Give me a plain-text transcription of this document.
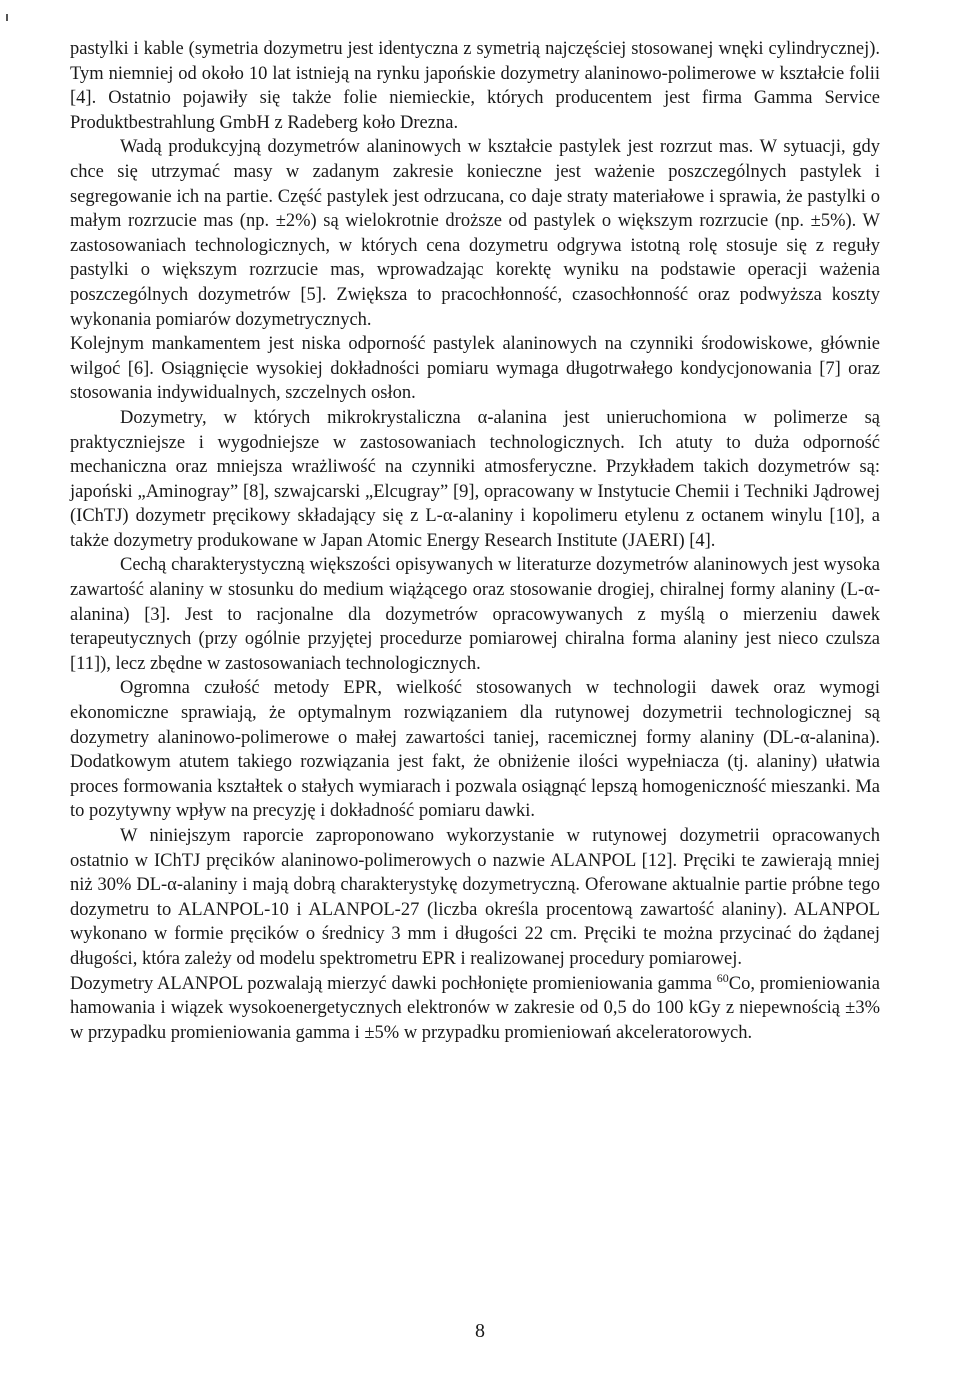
pastylki i kable (symetria dozymetru jest identyczna z symetrią najczęściej stosowanej wnęki cylindrycznej). Tym niemniej od około 10 lat istnieją na rynku japońskie dozymetry alaninowo-polimerowe w kształcie folii [4]. Ostatnio pojawiły się także folie niemieckie, których producentem jest firma Gamma Service Produktbestrahlung GmbH z Radeberg koło Drezna.

Wadą produkcyjną dozymetrów alaninowych w kształcie pastylek jest rozrzut mas. W sytuacji, gdy chce się utrzymać masy w zadanym zakresie konieczne jest ważenie poszczególnych pastylek i segregowanie ich na partie. Część pastylek jest odrzucana, co daje straty materiałowe i sprawia, że pastylki o małym rozrzucie mas (np. ±2%) są wielokrotnie droższe od pastylek o większym rozrzucie (np. ±5%). W zastosowaniach technologicznych, w których cena dozymetru odgrywa istotną rolę stosuje się z reguły pastylki o większym rozrzucie mas, wprowadzając korektę wyniku na podstawie operacji ważenia poszczególnych dozymetrów [5]. Zwiększa to pracochłonność, czasochłonność oraz podwyższa koszty wykonania pomiarów dozymetrycznych.

Kolejnym mankamentem jest niska odporność pastylek alaninowych na czynniki środowiskowe, głównie wilgoć [6]. Osiągnięcie wysokiej dokładności pomiaru wymaga długotrwałego kondycjonowania [7] oraz stosowania indywidualnych, szczelnych osłon.

Dozymetry, w których mikrokrystaliczna α-alanina jest unieruchomiona w polimerze są praktyczniejsze i wygodniejsze w zastosowaniach technologicznych. Ich atuty to duża odporność mechaniczna oraz mniejsza wrażliwość na czynniki atmosferyczne. Przykładem takich dozymetrów są: japoński „Aminogray” [8], szwajcarski „Elcugray” [9], opracowany w Instytucie Chemii i Techniki Jądrowej (IChTJ) dozymetr pręcikowy składający się z L-α-alaniny i kopolimeru etylenu z octanem winylu [10], a także dozymetry produkowane w Japan Atomic Energy Research Institute (JAERI) [4].

Cechą charakterystyczną większości opisywanych w literaturze dozymetrów alaninowych jest wysoka zawartość alaniny w stosunku do medium wiążącego oraz stosowanie drogiej, chiralnej formy alaniny (L-α-alanina) [3]. Jest to racjonalne dla dozymetrów opracowywanych z myślą o mierzeniu dawek terapeutycznych (przy ogólnie przyjętej procedurze pomiarowej chiralna forma alaniny jest nieco czulsza [11]), lecz zbędne w zastosowaniach technologicznych.

Ogromna czułość metody EPR, wielkość stosowanych w technologii dawek oraz wymogi ekonomiczne sprawiają, że optymalnym rozwiązaniem dla rutynowej dozymetrii technologicznej są dozymetry alaninowo-polimerowe o małej zawartości taniej, racemicznej formy alaniny (DL-α-alanina). Dodatkowym atutem takiego rozwiązania jest fakt, że obniżenie ilości wypełniacza (tj. alaniny) ułatwia proces formowania kształtek o stałych wymiarach i pozwala osiągnąć lepszą homogeniczność mieszanki. Ma to pozytywny wpływ na precyzję i dokładność pomiaru dawki.

W niniejszym raporcie zaproponowano wykorzystanie w rutynowej dozymetrii opracowanych ostatnio w IChTJ pręcików alaninowo-polimerowych o nazwie ALANPOL [12]. Pręciki te zawierają mniej niż 30% DL-α-alaniny i mają dobrą charakterystykę dozymetryczną. Oferowane aktualnie partie próbne tego dozymetru to ALANPOL-10 i ALANPOL-27 (liczba określa procentową zawartość alaniny). ALANPOL wykonano w formie pręcików o średnicy 3 mm i długości 22 cm. Pręciki te można przycinać do żądanej długości, która zależy od modelu spektrometru EPR i realizowanej procedury pomiarowej.

Dozymetry ALANPOL pozwalają mierzyć dawki pochłonięte promieniowania gamma $^{60}$Co, promieniowania hamowania i wiązek wysokoenergetycznych elektronów w zakresie od 0,5 do 100 kGy z niepewnością ±3% w przypadku promieniowania gamma i ±5% w przypadku promieniowań akceleratorowych.

8
